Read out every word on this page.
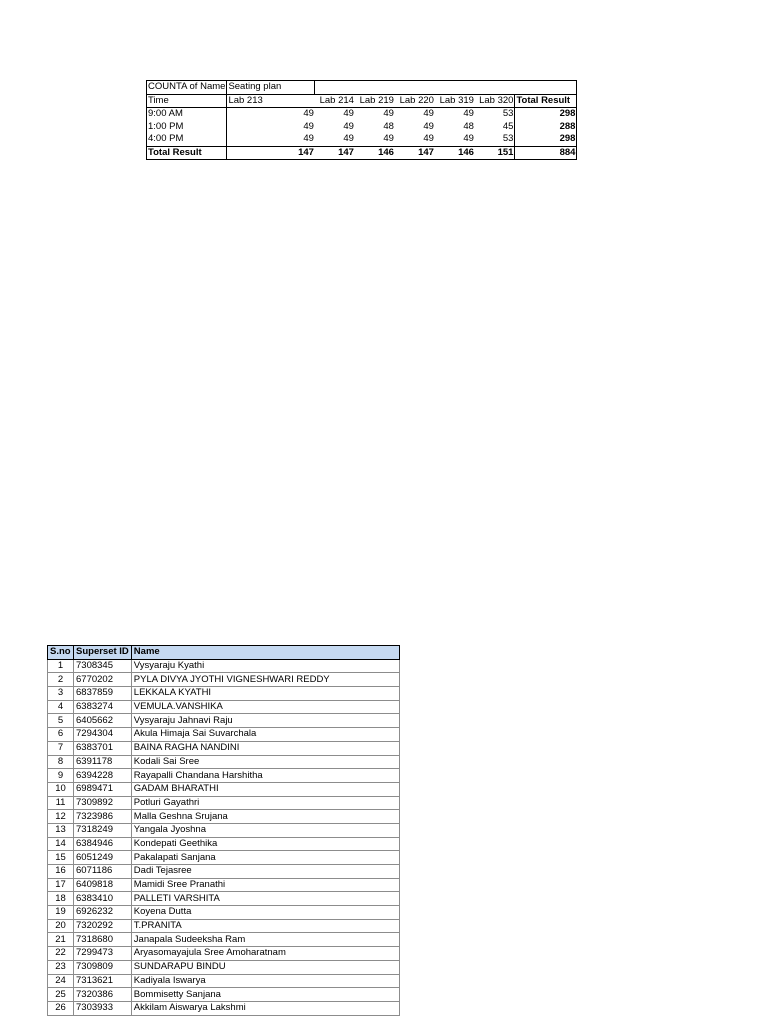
COUNTA of Name	Seating plan						
Time	Lab 213	Lab 214	Lab 219	Lab 220	Lab 319	Lab 320	Total Result
9:00 AM	49	49	49	49	49	53	298
1:00 PM	49	49	48	49	48	45	288
4:00 PM	49	49	49	49	49	53	298
Total Result	147	147	146	147	146	151	884
S.no	Superset ID	Name
1	7308345	Vysyaraju Kyathi
2	6770202	PYLA DIVYA JYOTHI VIGNESHWARI REDDY
3	6837859	LEKKALA KYATHI
4	6383274	VEMULA.VANSHIKA
5	6405662	Vysyaraju Jahnavi Raju
6	7294304	Akula Himaja Sai Suvarchala
7	6383701	BAINA RAGHA NANDINI
8	6391178	Kodali Sai Sree
9	6394228	Rayapalli Chandana Harshitha
10	6989471	GADAM BHARATHI
11	7309892	Potluri Gayathri
12	7323986	Malla Geshna Srujana
13	7318249	Yangala Jyoshna
14	6384946	Kondepati Geethika
15	6051249	Pakalapati Sanjana
16	6071186	Dadi Tejasree
17	6409818	Mamidi Sree Pranathi
18	6383410	PALLETI VARSHITA
19	6926232	Koyena Dutta
20	7320292	T.PRANITA
21	7318680	Janapala Sudeeksha Ram
22	7299473	Aryasomayajula Sree Amoharatnam
23	7309809	SUNDARAPU BINDU
24	7313621	Kadiyala Iswarya
25	7320386	Bommisetty Sanjana
26	7303933	Akkilam Aiswarya Lakshmi
